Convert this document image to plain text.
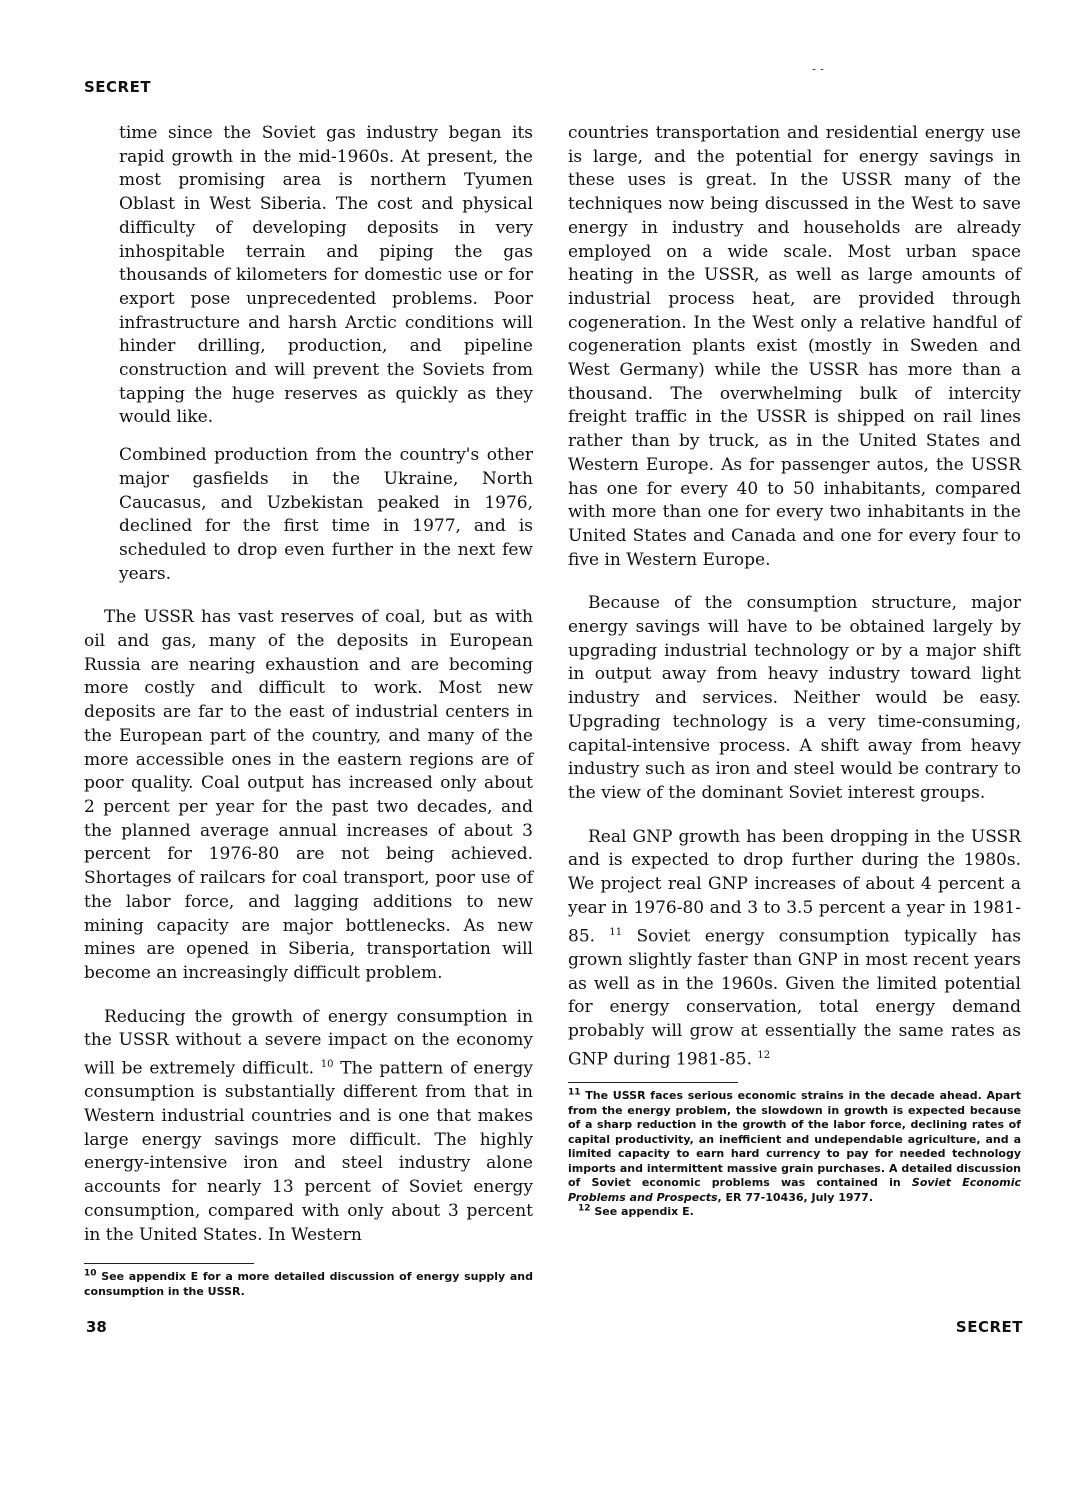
SECRET
- -

time since the Soviet gas industry began its rapid growth in the mid-1960s. At present, the most promising area is northern Tyumen Oblast in West Siberia. The cost and physical difficulty of developing deposits in very inhospitable terrain and piping the gas thousands of kilometers for domestic use or for export pose unprecedented problems. Poor infrastructure and harsh Arctic conditions will hinder drilling, production, and pipeline construction and will prevent the Soviets from tapping the huge reserves as quickly as they would like.

Combined production from the country's other major gasfields in the Ukraine, North Caucasus, and Uzbekistan peaked in 1976, declined for the first time in 1977, and is scheduled to drop even further in the next few years.

The USSR has vast reserves of coal, but as with oil and gas, many of the deposits in European Russia are nearing exhaustion and are becoming more costly and difficult to work. Most new deposits are far to the east of industrial centers in the European part of the country, and many of the more accessible ones in the eastern regions are of poor quality. Coal output has increased only about 2 percent per year for the past two decades, and the planned average annual increases of about 3 percent for 1976-80 are not being achieved. Shortages of railcars for coal transport, poor use of the labor force, and lagging additions to new mining capacity are major bottlenecks. As new mines are opened in Siberia, transportation will become an increasingly difficult problem.

Reducing the growth of energy consumption in the USSR without a severe impact on the economy will be extremely difficult. $^{10}$ The pattern of energy consumption is substantially different from that in Western industrial countries and is one that makes large energy savings more difficult. The highly energy-intensive iron and steel industry alone accounts for nearly 13 percent of Soviet energy consumption, compared with only about 3 percent in the United States. In Western

$^{10}$ See appendix E for a more detailed discussion of energy supply and consumption in the USSR.

countries transportation and residential energy use is large, and the potential for energy savings in these uses is great. In the USSR many of the techniques now being discussed in the West to save energy in industry and households are already employed on a wide scale. Most urban space heating in the USSR, as well as large amounts of industrial process heat, are provided through cogeneration. In the West only a relative handful of cogeneration plants exist (mostly in Sweden and West Germany) while the USSR has more than a thousand. The overwhelming bulk of intercity freight traffic in the USSR is shipped on rail lines rather than by truck, as in the United States and Western Europe. As for passenger autos, the USSR has one for every 40 to 50 inhabitants, compared with more than one for every two inhabitants in the United States and Canada and one for every four to five in Western Europe.

Because of the consumption structure, major energy savings will have to be obtained largely by upgrading industrial technology or by a major shift in output away from heavy industry toward light industry and services. Neither would be easy. Upgrading technology is a very time-consuming, capital-intensive process. A shift away from heavy industry such as iron and steel would be contrary to the view of the dominant Soviet interest groups.

Real GNP growth has been dropping in the USSR and is expected to drop further during the 1980s. We project real GNP increases of about 4 percent a year in 1976-80 and 3 to 3.5 percent a year in 1981-85. $^{11}$ Soviet energy consumption typically has grown slightly faster than GNP in most recent years as well as in the 1960s. Given the limited potential for energy conservation, total energy demand probably will grow at essentially the same rates as GNP during 1981-85. $^{12}$

$^{11}$ The USSR faces serious economic strains in the decade ahead. Apart from the energy problem, the slowdown in growth is expected because of a sharp reduction in the growth of the labor force, declining rates of capital productivity, an inefficient and undependable agriculture, and a limited capacity to earn hard currency to pay for needed technology imports and intermittent massive grain purchases. A detailed discussion of Soviet economic problems was contained in Soviet Economic Problems and Prospects, ER 77-10436, July 1977.

$^{12}$ See appendix E.

38	SECRET
